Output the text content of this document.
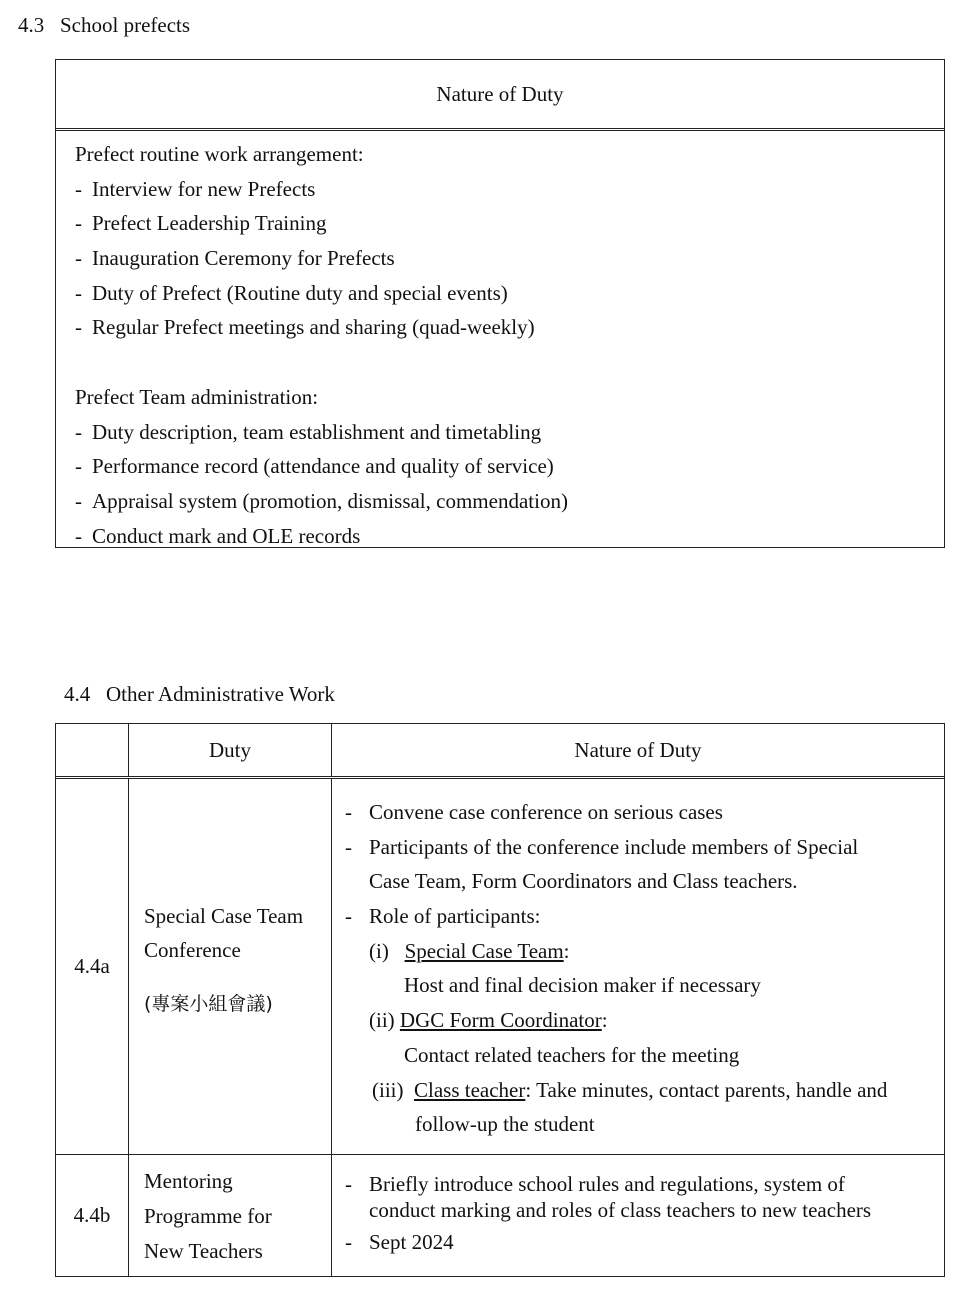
4.3 School prefects
Nature of Duty
Prefect routine work arrangement:
- Interview for new Prefects
- Prefect Leadership Training
- Inauguration Ceremony for Prefects
- Duty of Prefect (Routine duty and special events)
- Regular Prefect meetings and sharing (quad-weekly)
Prefect Team administration:
- Duty description, team establishment and timetabling
- Performance record (attendance and quality of service)
- Appraisal system (promotion, dismissal, commendation)
- Conduct mark and OLE records
4.4 Other Administrative Work
Duty	Nature of Duty
4.4a
Special Case Team
Conference
(專案小組會議)
- Convene case conference on serious cases
- Participants of the conference include members of Special
Case Team, Form Coordinators and Class teachers.
- Role of participants:
(i) Special Case Team:
Host and final decision maker if necessary
(ii) DGC Form Coordinator:
Contact related teachers for the meeting
(iii) Class teacher: Take minutes, contact parents, handle and
follow-up the student
4.4b
Mentoring
Programme for
New Teachers
- Briefly introduce school rules and regulations, system of
conduct marking and roles of class teachers to new teachers
- Sept 2024
